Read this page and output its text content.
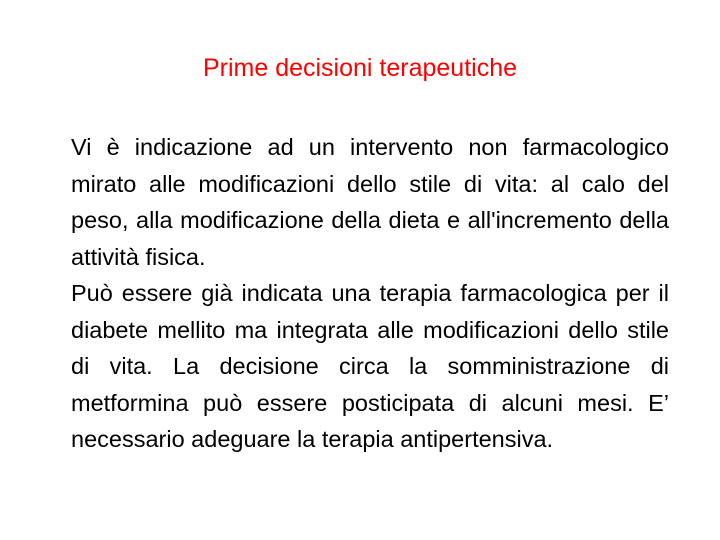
Prime decisioni terapeutiche

Vi è indicazione ad un intervento non farmacologico mirato alle modificazioni dello stile di vita: al calo del peso, alla modificazione della dieta e all'incremento della attività fisica.

Può essere già indicata una terapia farmacologica per il diabete mellito ma integrata alle modificazioni dello stile di vita. La decisione circa la somministrazione di metformina può essere posticipata di alcuni mesi. E’ necessario adeguare la terapia antipertensiva.
